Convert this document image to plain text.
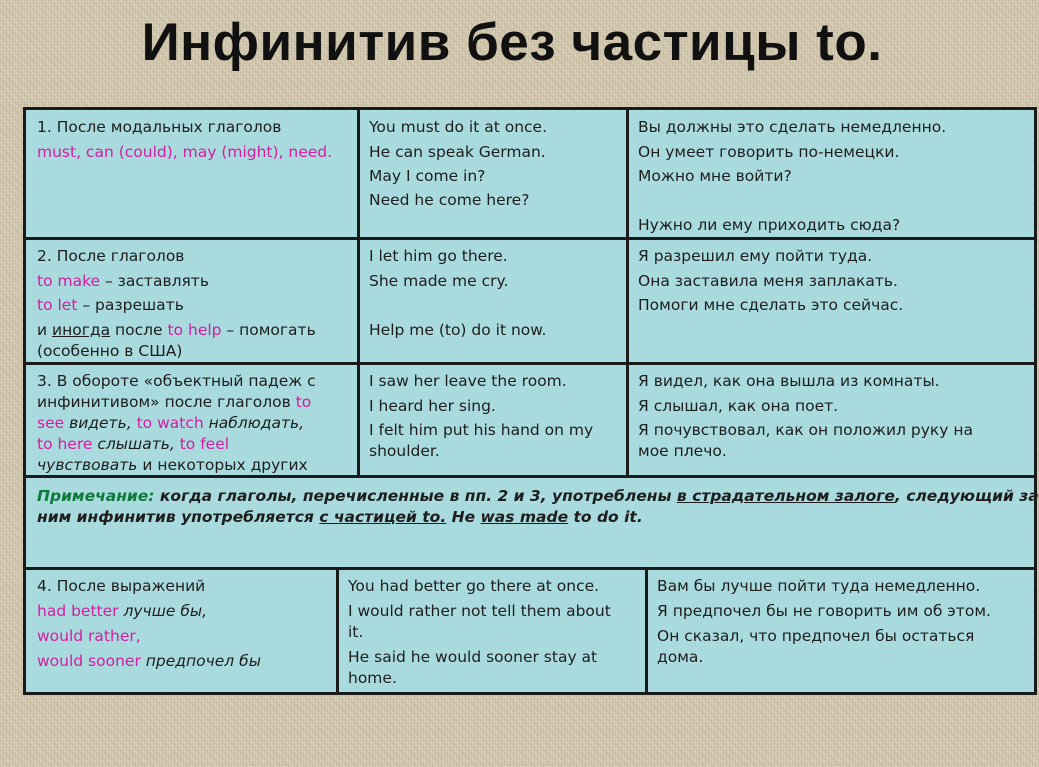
Инфинитив без частицы to.
1. После модальных глаголов
must, can (could), may (might), need.
You must do it at once.
He can speak German.
May I come in?
Need he come here?
Вы должны это сделать немедленно.
Он умеет говорить по-немецки.
Можно мне войти?
Нужно ли ему приходить сюда?
2. После глаголов
to make – заставлять
to let – разрешать
и иногда после to help – помогать
(особенно в США)
I let him go there.
She made me cry.
Help me (to) do it now.
Я разрешил ему пойти туда.
Она заставила меня заплакать.
Помоги мне сделать это сейчас.
3. В обороте «объектный падеж с
инфинитивом» после глаголов to
see видеть, to watch наблюдать,
to here слышать, to feel
чувствовать и некоторых других
I saw her leave the room.
I heard her sing.
I felt him put his hand on my
shoulder.
Я видел, как она вышла из комнаты.
Я слышал, как она поет.
Я почувствовал, как он положил руку на
мое плечо.
Примечание: когда глаголы, перечисленные в пп. 2 и 3, употреблены в страдательном залоге, следующий за
ним инфинитив употребляется с частицей to. He was made to do it.
4. После выражений
had better лучше бы,
would rather,
would sooner предпочел бы
You had better go there at once.
I would rather not tell them about
it.
He said he would sooner stay at
home.
Вам бы лучше пойти туда немедленно.
Я предпочел бы не говорить им об этом.
Он сказал, что предпочел бы остаться
дома.
